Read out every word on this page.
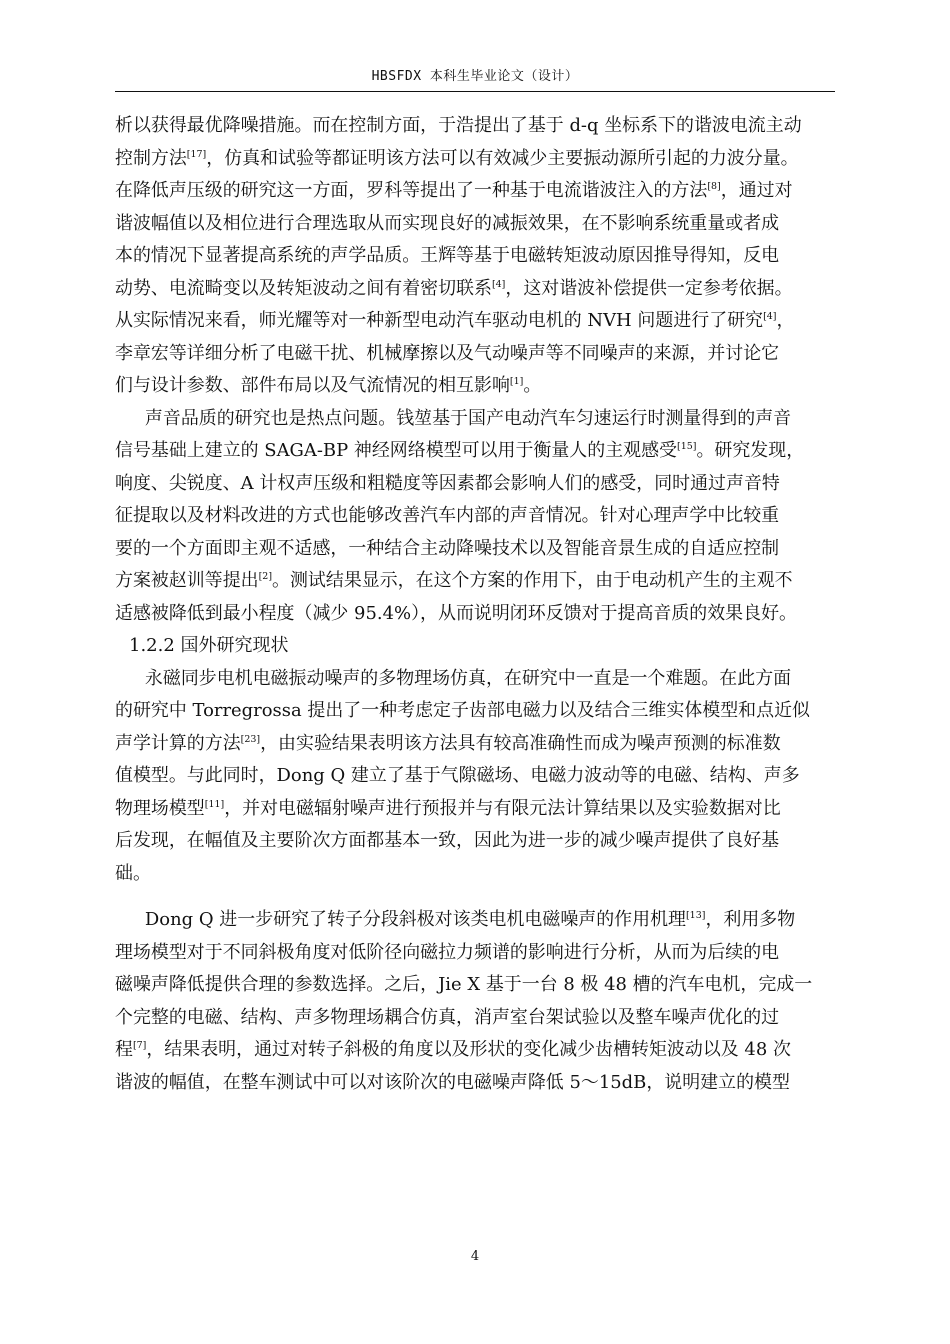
HBSFDX 本科生毕业论文（设计）
析以获得最优降噪措施。而在控制方面，于浩提出了基于 d-q 坐标系下的谐波电流主动
控制方法[17]，仿真和试验等都证明该方法可以有效减少主要振动源所引起的力波分量。
在降低声压级的研究这一方面，罗科等提出了一种基于电流谐波注入的方法[8]，通过对
谐波幅值以及相位进行合理选取从而实现良好的减振效果，在不影响系统重量或者成
本的情况下显著提高系统的声学品质。王辉等基于电磁转矩波动原因推导得知，反电
动势、电流畸变以及转矩波动之间有着密切联系[4]，这对谐波补偿提供一定参考依据。
从实际情况来看，师光耀等对一种新型电动汽车驱动电机的 NVH 问题进行了研究[4]，
李章宏等详细分析了电磁干扰、机械摩擦以及气动噪声等不同噪声的来源，并讨论它
们与设计参数、部件布局以及气流情况的相互影响[1]。
声音品质的研究也是热点问题。钱堃基于国产电动汽车匀速运行时测量得到的声音
信号基础上建立的 SAGA-BP 神经网络模型可以用于衡量人的主观感受[15]。研究发现，
响度、尖锐度、A 计权声压级和粗糙度等因素都会影响人们的感受，同时通过声音特
征提取以及材料改进的方式也能够改善汽车内部的声音情况。针对心理声学中比较重
要的一个方面即主观不适感，一种结合主动降噪技术以及智能音景生成的自适应控制
方案被赵训等提出[2]。测试结果显示，在这个方案的作用下，由于电动机产生的主观不
适感被降低到最小程度（减少 95.4%），从而说明闭环反馈对于提高音质的效果良好。
1.2.2 国外研究现状
永磁同步电机电磁振动噪声的多物理场仿真，在研究中一直是一个难题。在此方面
的研究中 Torregrossa 提出了一种考虑定子齿部电磁力以及结合三维实体模型和点近似
声学计算的方法[23]，由实验结果表明该方法具有较高准确性而成为噪声预测的标准数
值模型。与此同时，Dong Q 建立了基于气隙磁场、电磁力波动等的电磁、结构、声多
物理场模型[11]，并对电磁辐射噪声进行预报并与有限元法计算结果以及实验数据对比
后发现，在幅值及主要阶次方面都基本一致，因此为进一步的减少噪声提供了良好基
础。
Dong Q 进一步研究了转子分段斜极对该类电机电磁噪声的作用机理[13]，利用多物
理场模型对于不同斜极角度对低阶径向磁拉力频谱的影响进行分析，从而为后续的电
磁噪声降低提供合理的参数选择。之后，Jie X 基于一台 8 极 48 槽的汽车电机，完成一
个完整的电磁、结构、声多物理场耦合仿真，消声室台架试验以及整车噪声优化的过
程[7]，结果表明，通过对转子斜极的角度以及形状的变化减少齿槽转矩波动以及 48 次
谐波的幅值，在整车测试中可以对该阶次的电磁噪声降低 5～15dB，说明建立的模型
4
